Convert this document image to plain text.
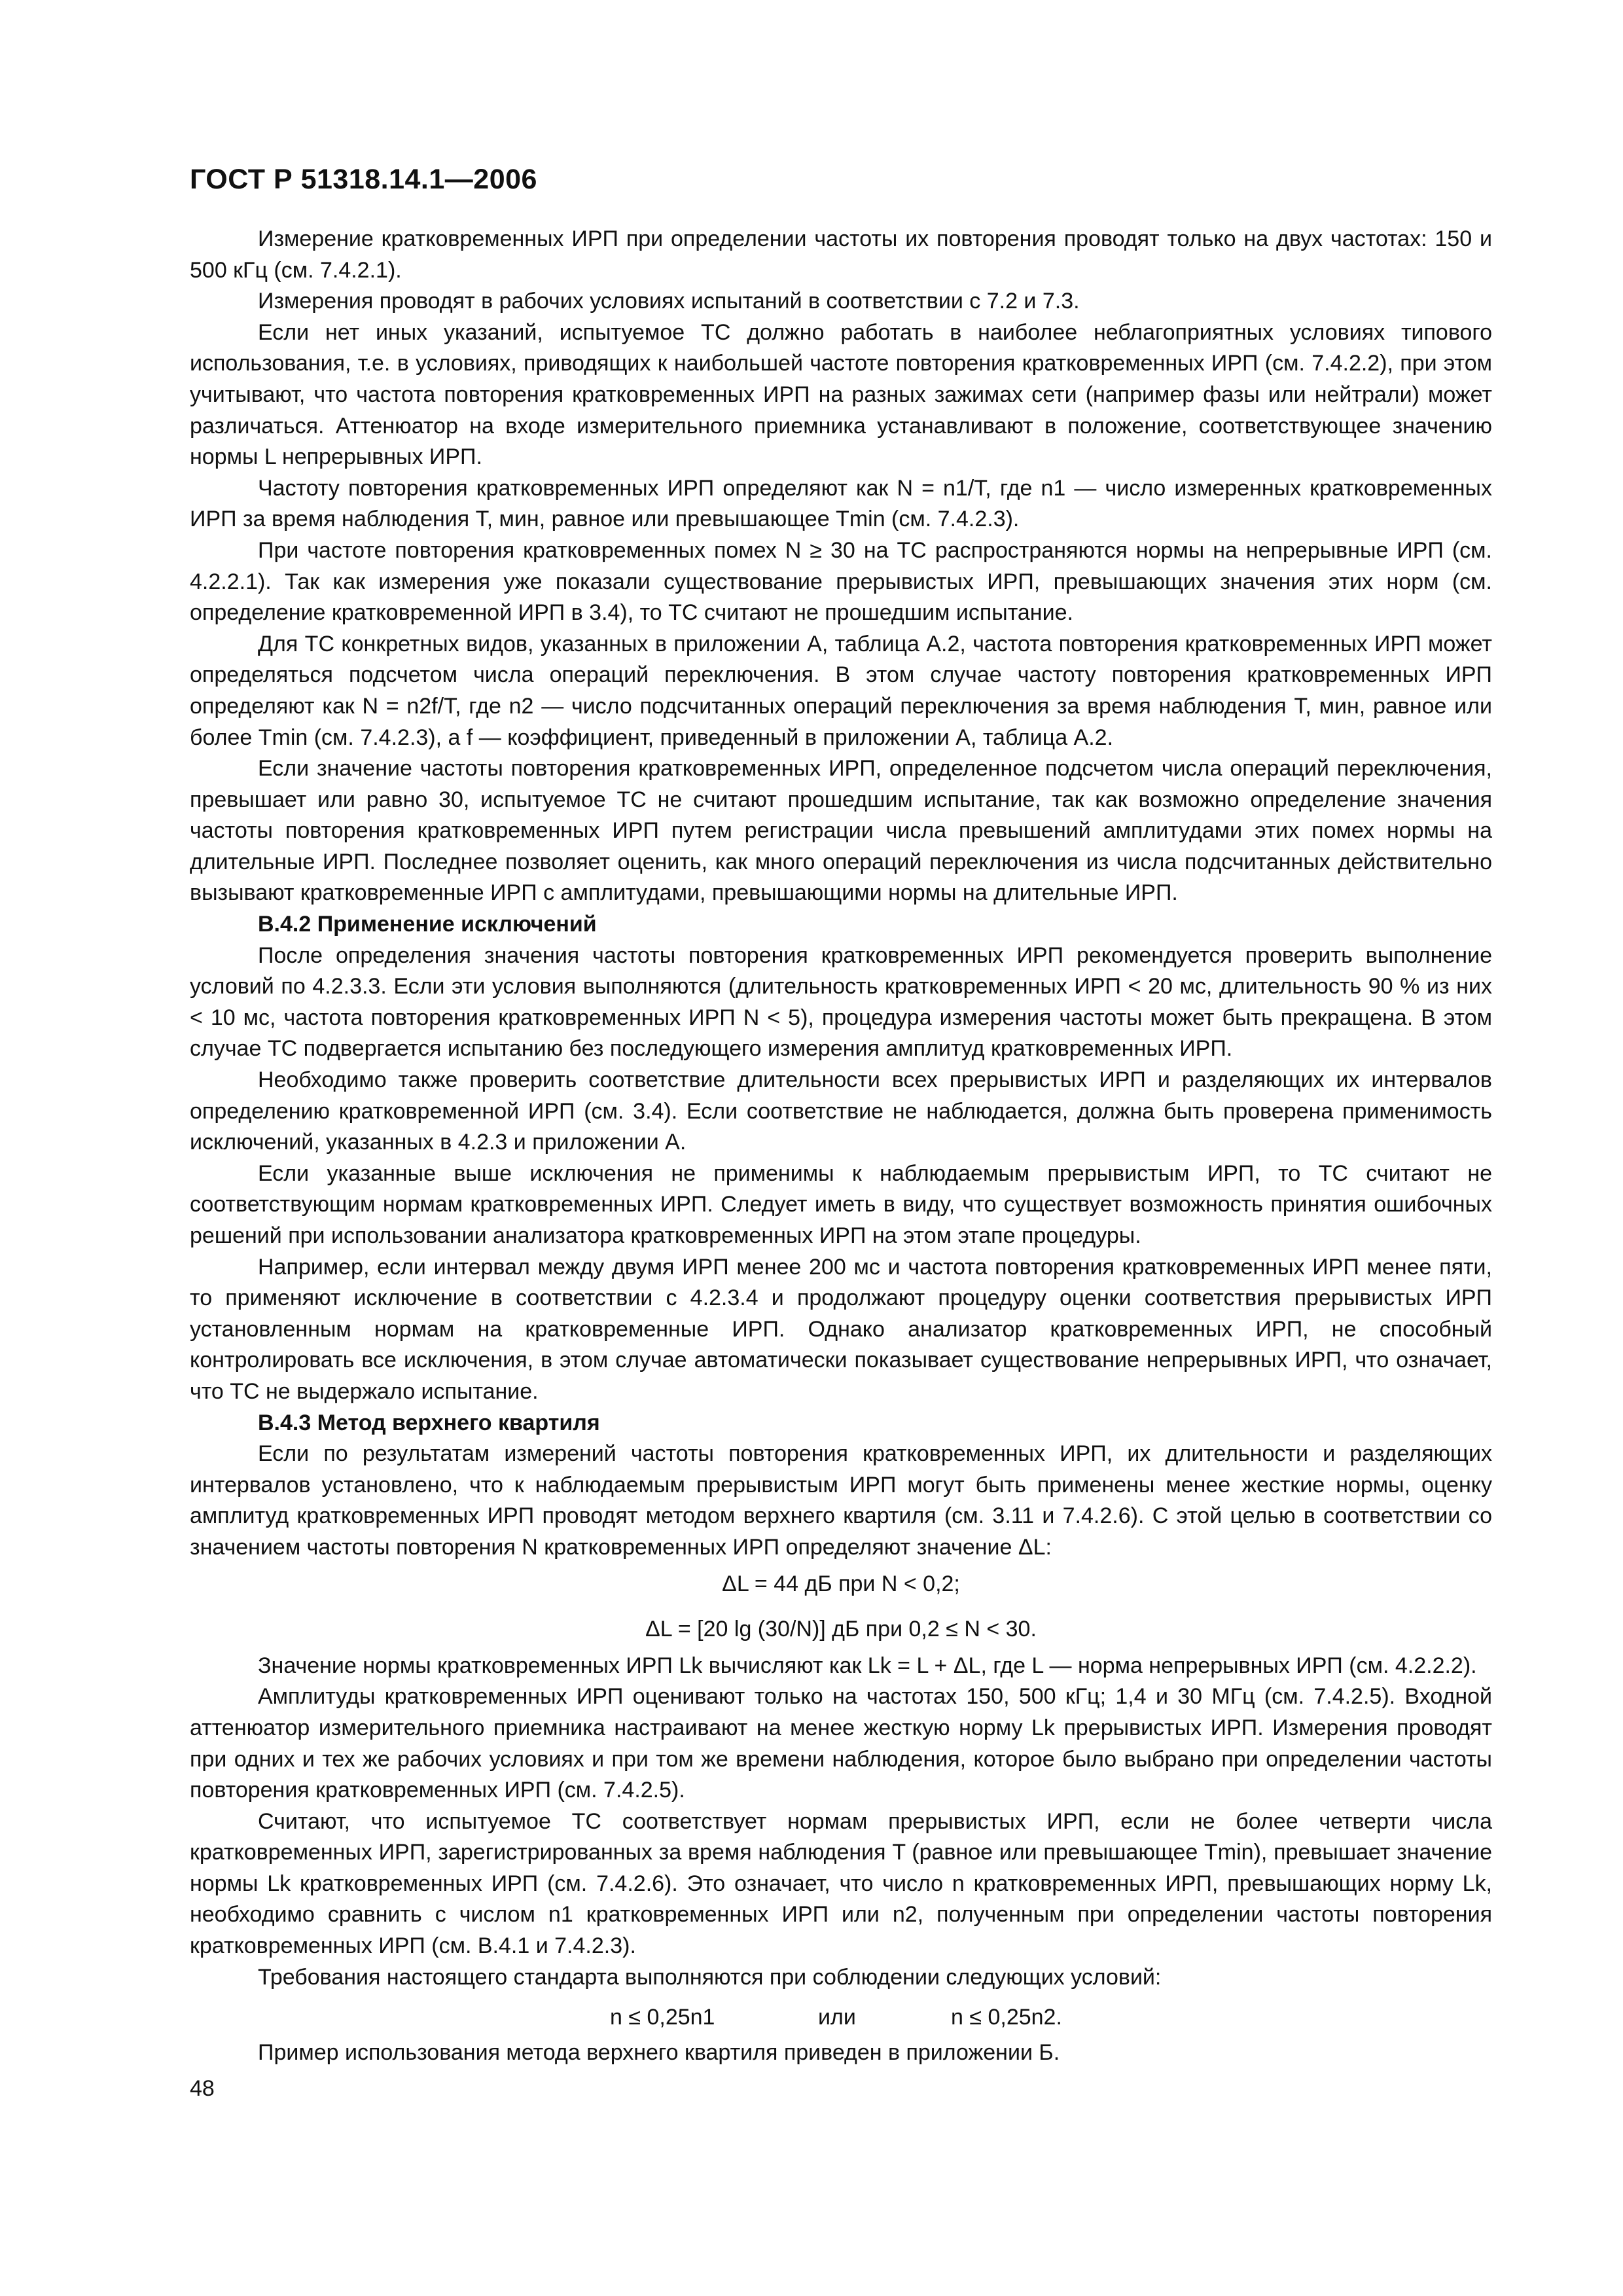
ГОСТ Р 51318.14.1—2006

Измерение кратковременных ИРП при определении частоты их повторения проводят только на двух частотах: 150 и 500 кГц (см. 7.4.2.1).

Измерения проводят в рабочих условиях испытаний в соответствии с 7.2 и 7.3.

Если нет иных указаний, испытуемое ТС должно работать в наиболее неблагоприятных условиях типового использования, т.е. в условиях, приводящих к наибольшей частоте повторения кратковременных ИРП (см. 7.4.2.2), при этом учитывают, что частота повторения кратковременных ИРП на разных зажимах сети (например фазы или нейтрали) может различаться. Аттенюатор на входе измерительного приемника устанавливают в положение, соответствующее значению нормы L непрерывных ИРП.

Частоту повторения кратковременных ИРП определяют как N = n1/T, где n1 — число измеренных кратковременных ИРП за время наблюдения T, мин, равное или превышающее Tmin (см. 7.4.2.3).

При частоте повторения кратковременных помех N ≥ 30 на ТС распространяются нормы на непрерывные ИРП (см. 4.2.2.1). Так как измерения уже показали существование прерывистых ИРП, превышающих значения этих норм (см. определение кратковременной ИРП в 3.4), то ТС считают не прошедшим испытание.

Для ТС конкретных видов, указанных в приложении А, таблица А.2, частота повторения кратковременных ИРП может определяться подсчетом числа операций переключения. В этом случае частоту повторения кратковременных ИРП определяют как N = n2f/T, где n2 — число подсчитанных операций переключения за время наблюдения T, мин, равное или более Tmin (см. 7.4.2.3), а f — коэффициент, приведенный в приложении А, таблица А.2.

Если значение частоты повторения кратковременных ИРП, определенное подсчетом числа операций переключения, превышает или равно 30, испытуемое ТС не считают прошедшим испытание, так как возможно определение значения частоты повторения кратковременных ИРП путем регистрации числа превышений амплитудами этих помех нормы на длительные ИРП. Последнее позволяет оценить, как много операций переключения из числа подсчитанных действительно вызывают кратковременные ИРП с амплитудами, превышающими нормы на длительные ИРП.

В.4.2 Применение исключений

После определения значения частоты повторения кратковременных ИРП рекомендуется проверить выполнение условий по 4.2.3.3. Если эти условия выполняются (длительность кратковременных ИРП < 20 мс, длительность 90 % из них < 10 мс, частота повторения кратковременных ИРП N < 5), процедура измерения частоты может быть прекращена. В этом случае ТС подвергается испытанию без последующего измерения амплитуд кратковременных ИРП.

Необходимо также проверить соответствие длительности всех прерывистых ИРП и разделяющих их интервалов определению кратковременной ИРП (см. 3.4). Если соответствие не наблюдается, должна быть проверена применимость исключений, указанных в 4.2.3 и приложении А.

Если указанные выше исключения не применимы к наблюдаемым прерывистым ИРП, то ТС считают не соответствующим нормам кратковременных ИРП. Следует иметь в виду, что существует возможность принятия ошибочных решений при использовании анализатора кратковременных ИРП на этом этапе процедуры.

Например, если интервал между двумя ИРП менее 200 мс и частота повторения кратковременных ИРП менее пяти, то применяют исключение в соответствии с 4.2.3.4 и продолжают процедуру оценки соответствия прерывистых ИРП установленным нормам на кратковременные ИРП. Однако анализатор кратковременных ИРП, не способный контролировать все исключения, в этом случае автоматически показывает существование непрерывных ИРП, что означает, что ТС не выдержало испытание.

В.4.3 Метод верхнего квартиля

Если по результатам измерений частоты повторения кратковременных ИРП, их длительности и разделяющих интервалов установлено, что к наблюдаемым прерывистым ИРП могут быть применены менее жесткие нормы, оценку амплитуд кратковременных ИРП проводят методом верхнего квартиля (см. 3.11 и 7.4.2.6). С этой целью в соответствии со значением частоты повторения N кратковременных ИРП определяют значение ΔL:

ΔL = 44 дБ при N < 0,2;
ΔL = [20 lg (30/N)] дБ при 0,2 ≤ N < 30.

Значение нормы кратковременных ИРП Lk вычисляют как Lk = L + ΔL, где L — норма непрерывных ИРП (см. 4.2.2.2).

Амплитуды кратковременных ИРП оценивают только на частотах 150, 500 кГц; 1,4 и 30 МГц (см. 7.4.2.5). Входной аттенюатор измерительного приемника настраивают на менее жесткую норму Lk прерывистых ИРП. Измерения проводят при одних и тех же рабочих условиях и при том же времени наблюдения, которое было выбрано при определении частоты повторения кратковременных ИРП (см. 7.4.2.5).

Считают, что испытуемое ТС соответствует нормам прерывистых ИРП, если не более четверти числа кратковременных ИРП, зарегистрированных за время наблюдения T (равное или превышающее Tmin), превышает значение нормы Lk кратковременных ИРП (см. 7.4.2.6). Это означает, что число n кратковременных ИРП, превышающих норму Lk, необходимо сравнить с числом n1 кратковременных ИРП или n2, полученным при определении частоты повторения кратковременных ИРП (см. В.4.1 и 7.4.2.3).

Требования настоящего стандарта выполняются при соблюдении следующих условий:

n ≤ 0,25n1	или	n ≤ 0,25n2.

Пример использования метода верхнего квартиля приведен в приложении Б.

48
